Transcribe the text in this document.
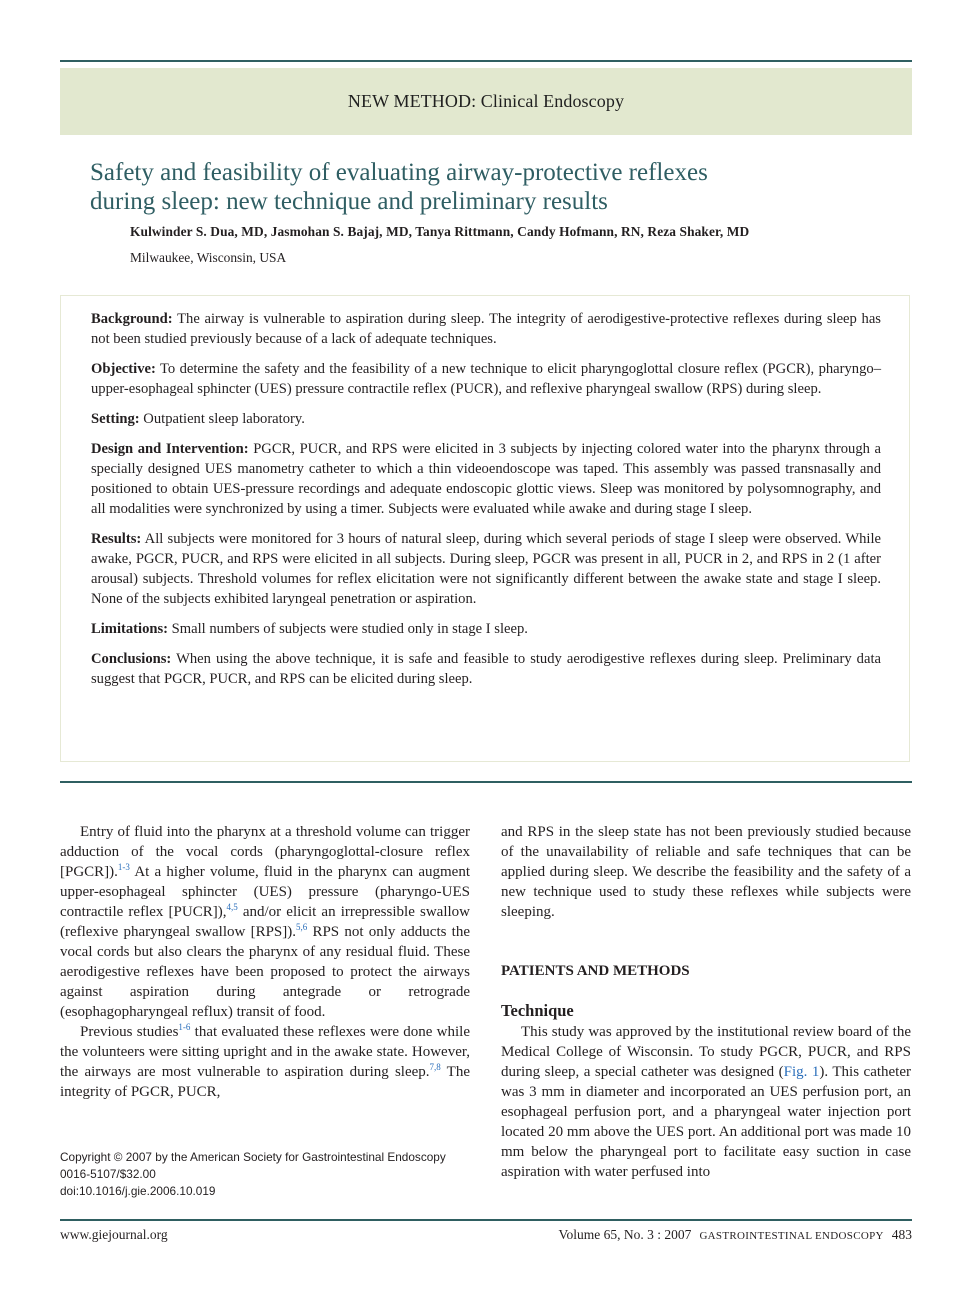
NEW METHOD: Clinical Endoscopy
Safety and feasibility of evaluating airway-protective reflexes
during sleep: new technique and preliminary results
Kulwinder S. Dua, MD, Jasmohan S. Bajaj, MD, Tanya Rittmann, Candy Hofmann, RN, Reza Shaker, MD
Milwaukee, Wisconsin, USA

Background: The airway is vulnerable to aspiration during sleep. The integrity of aerodigestive-protective reflexes during sleep has not been studied previously because of a lack of adequate techniques.

Objective: To determine the safety and the feasibility of a new technique to elicit pharyngoglottal closure reflex (PGCR), pharyngo–upper-esophageal sphincter (UES) pressure contractile reflex (PUCR), and reflexive pharyngeal swallow (RPS) during sleep.

Setting: Outpatient sleep laboratory.

Design and Intervention: PGCR, PUCR, and RPS were elicited in 3 subjects by injecting colored water into the pharynx through a specially designed UES manometry catheter to which a thin videoendoscope was taped. This assembly was passed transnasally and positioned to obtain UES-pressure recordings and adequate endoscopic glottic views. Sleep was monitored by polysomnography, and all modalities were synchronized by using a timer. Subjects were evaluated while awake and during stage I sleep.

Results: All subjects were monitored for 3 hours of natural sleep, during which several periods of stage I sleep were observed. While awake, PGCR, PUCR, and RPS were elicited in all subjects. During sleep, PGCR was present in all, PUCR in 2, and RPS in 2 (1 after arousal) subjects. Threshold volumes for reflex elicitation were not significantly different between the awake state and stage I sleep. None of the subjects exhibited laryngeal penetration or aspiration.

Limitations: Small numbers of subjects were studied only in stage I sleep.

Conclusions: When using the above technique, it is safe and feasible to study aerodigestive reflexes during sleep. Preliminary data suggest that PGCR, PUCR, and RPS can be elicited during sleep.

Entry of fluid into the pharynx at a threshold volume can trigger adduction of the vocal cords (pharyngoglottal-closure reflex [PGCR]).$^{1-3}$ At a higher volume, fluid in the pharynx can augment upper-esophageal sphincter (UES) pressure (pharyngo-UES contractile reflex [PUCR]),$^{4,5}$ and/or elicit an irrepressible swallow (reflexive pharyngeal swallow [RPS]).$^{5,6}$ RPS not only adducts the vocal cords but also clears the pharynx of any residual fluid. These aerodigestive reflexes have been proposed to protect the airways against aspiration during antegrade or retrograde (esophagopharyngeal reflux) transit of food.

Previous studies$^{1-6}$ that evaluated these reflexes were done while the volunteers were sitting upright and in the awake state. However, the airways are most vulnerable to aspiration during sleep.$^{7,8}$ The integrity of PGCR, PUCR,

and RPS in the sleep state has not been previously studied because of the unavailability of reliable and safe techniques that can be applied during sleep. We describe the feasibility and the safety of a new technique used to study these reflexes while subjects were sleeping.

PATIENTS AND METHODS
Technique

This study was approved by the institutional review board of the Medical College of Wisconsin. To study PGCR, PUCR, and RPS during sleep, a special catheter was designed (Fig. 1). This catheter was 3 mm in diameter and incorporated an UES perfusion port, an esophageal perfusion port, and a pharyngeal water injection port located 20 mm above the UES port. An additional port was made 10 mm below the pharyngeal port to facilitate easy suction in case aspiration with water perfused into

Copyright © 2007 by the American Society for Gastrointestinal Endoscopy
0016-5107/$32.00
doi:10.1016/j.gie.2006.10.019
www.giejournal.org	Volume 65, No. 3 : 2007 GASTROINTESTINAL ENDOSCOPY 483
